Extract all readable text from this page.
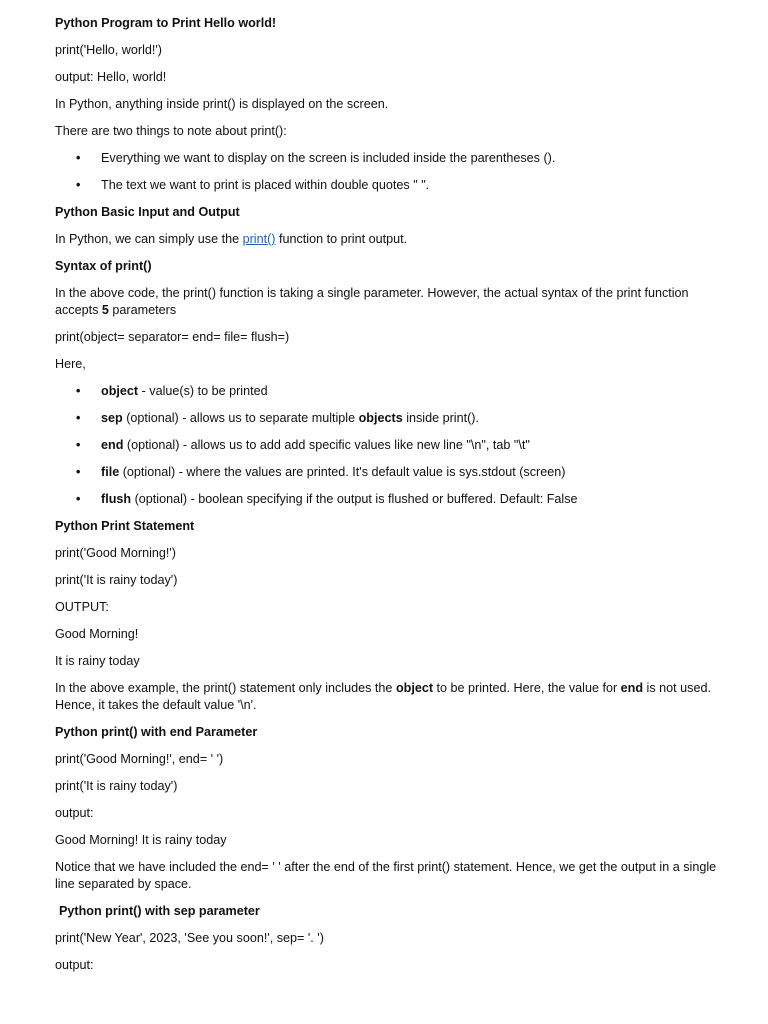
Python Program to Print Hello world!

print('Hello, world!')

output: Hello, world!

In Python, anything inside print() is displayed on the screen.

There are two things to note about print():

• Everything we want to display on the screen is included inside the parentheses ().
• The text we want to print is placed within double quotes " ".

Python Basic Input and Output

In Python, we can simply use the print() function to print output.

Syntax of print()

In the above code, the print() function is taking a single parameter. However, the actual syntax of the print function accepts 5 parameters

print(object= separator= end= file= flush=)

Here,

• object - value(s) to be printed
• sep (optional) - allows us to separate multiple objects inside print().
• end (optional) - allows us to add add specific values like new line "\n", tab "\t"
• file (optional) - where the values are printed. It's default value is sys.stdout (screen)
• flush (optional) - boolean specifying if the output is flushed or buffered. Default: False

Python Print Statement

print('Good Morning!')

print('It is rainy today')

OUTPUT:

Good Morning!

It is rainy today

In the above example, the print() statement only includes the object to be printed. Here, the value for end is not used. Hence, it takes the default value '\n'.

Python print() with end Parameter

print('Good Morning!', end= ' ')

print('It is rainy today')

output:

Good Morning! It is rainy today

Notice that we have included the end= ' ' after the end of the first print() statement. Hence, we get the output in a single line separated by space.

Python print() with sep parameter

print('New Year', 2023, 'See you soon!', sep= '. ')

output:
